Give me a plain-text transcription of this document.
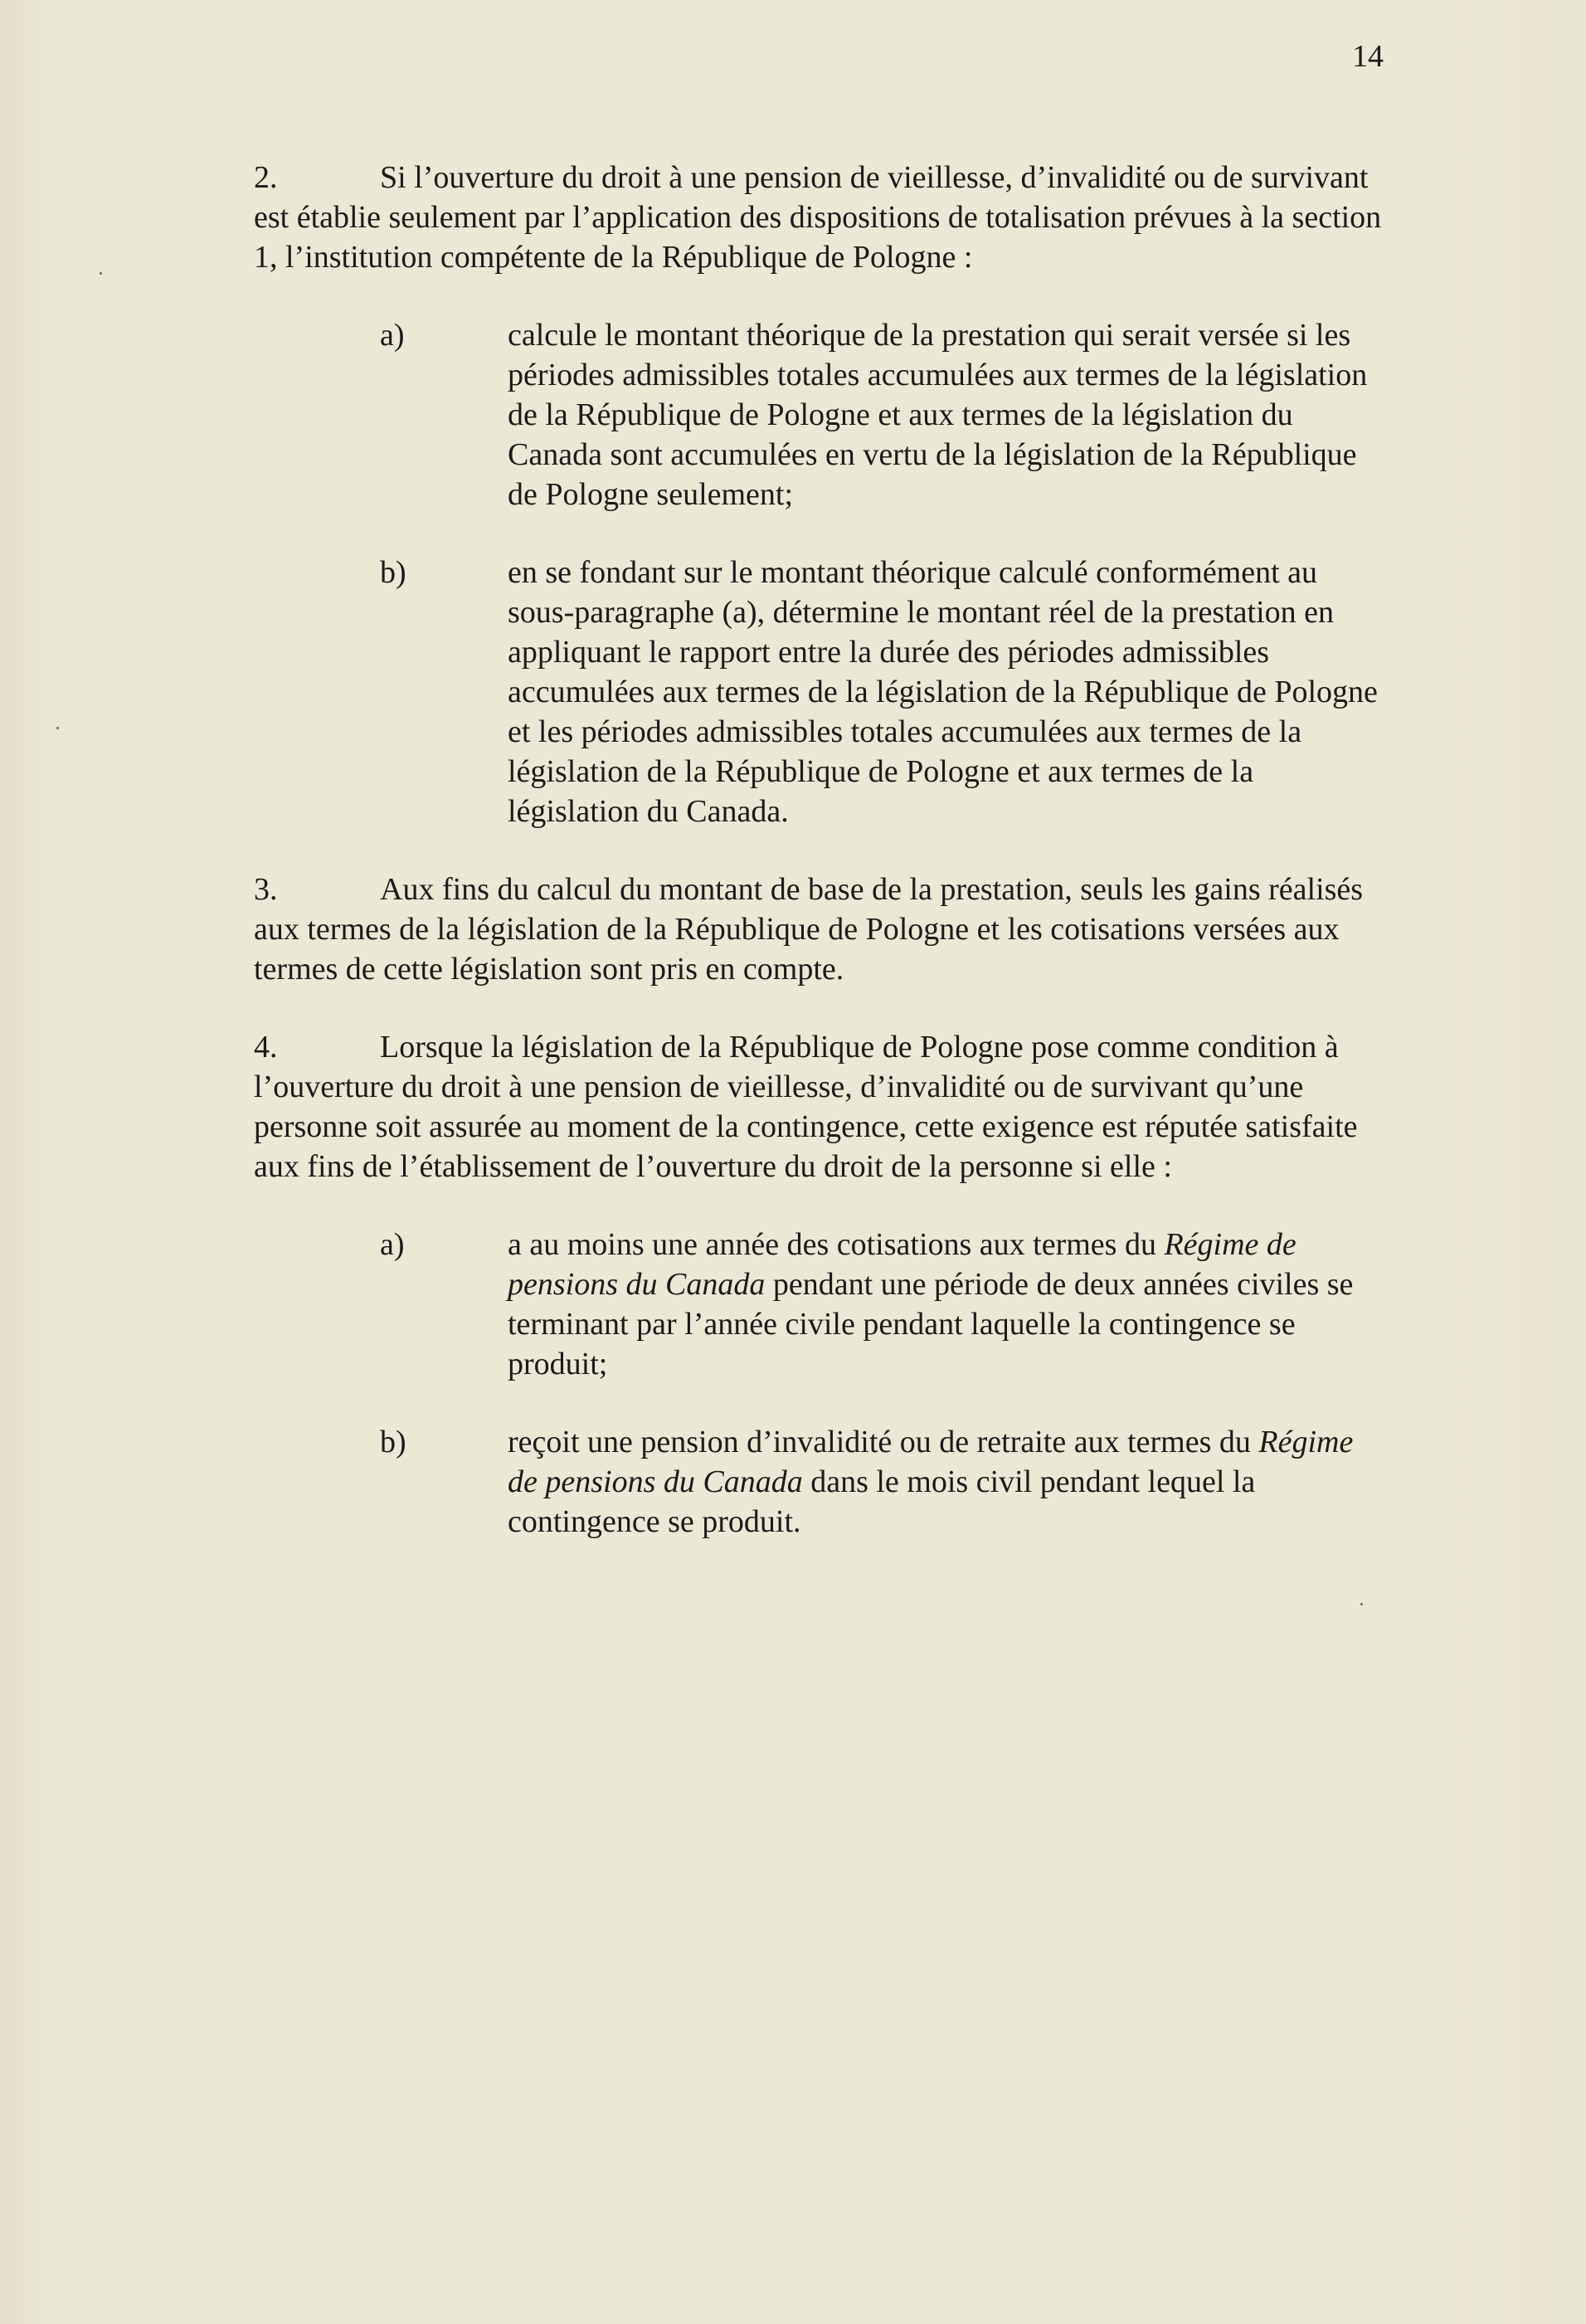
14

2.	Si l’ouverture du droit à une pension de vieillesse, d’invalidité ou de survivant est établie seulement par l’application des dispositions de totalisation prévues à la section 1, l’institution compétente de la République de Pologne :

a)	calcule le montant théorique de la prestation qui serait versée si les périodes admissibles totales accumulées aux termes de la législation de la République de Pologne et aux termes de la législation du Canada sont accumulées en vertu de la législation de la République de Pologne seulement;
b)	en se fondant sur le montant théorique calculé conformément au sous-paragraphe (a), détermine le montant réel de la prestation en appliquant le rapport entre la durée des périodes admissibles accumulées aux termes de la législation de la République de Pologne et les périodes admissibles totales accumulées aux termes de la législation de la République de Pologne et aux termes de la législation du Canada.

3.	Aux fins du calcul du montant de base de la prestation, seuls les gains réalisés aux termes de la législation de la République de Pologne et les cotisations versées aux termes de cette législation sont pris en compte.

4.	Lorsque la législation de la République de Pologne pose comme condition à l’ouverture du droit à une pension de vieillesse, d’invalidité ou de survivant qu’une personne soit assurée au moment de la contingence, cette exigence est réputée satisfaite aux fins de l’établissement de l’ouverture du droit de la personne si elle :

a)	a au moins une année des cotisations aux termes du Régime de pensions du Canada pendant une période de deux années civiles se terminant par l’année civile pendant laquelle la contingence se produit;
b)	reçoit une pension d’invalidité ou de retraite aux termes du Régime de pensions du Canada dans le mois civil pendant lequel la contingence se produit.
